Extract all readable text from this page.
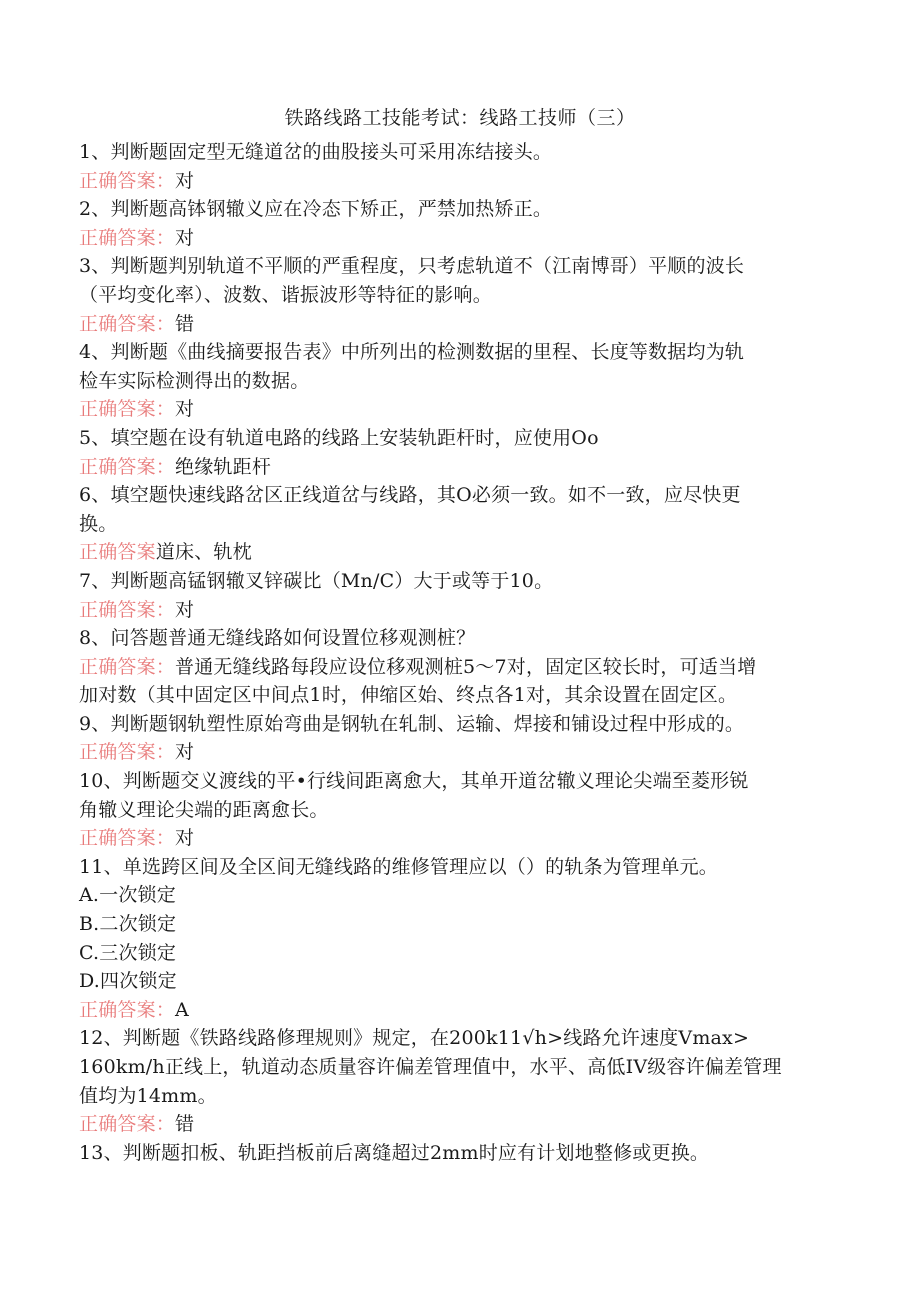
铁路线路工技能考试：线路工技师（三）
1、判断题固定型无缝道岔的曲股接头可采用冻结接头。
正确答案：对
2、判断题高钵钢辙义应在冷态下矫正，严禁加热矫正。
正确答案：对
3、判断题判别轨道不平顺的严重程度，只考虑轨道不（江南博哥）平顺的波长
（平均变化率）、波数、谐振波形等特征的影响。
正确答案：错
4、判断题《曲线摘要报告表》中所列出的检测数据的里程、长度等数据均为轨
检车实际检测得出的数据。
正确答案：对
5、填空题在设有轨道电路的线路上安装轨距杆时，应使用Oo
正确答案：绝缘轨距杆
6、填空题快速线路岔区正线道岔与线路，其O必须一致。如不一致，应尽快更
换。
正确答案道床、轨枕
7、判断题高锰钢辙叉锌碳比（Mn/C）大于或等于10。
正确答案：对
8、问答题普通无缝线路如何设置位移观测桩？
正确答案：普通无缝线路每段应设位移观测桩5〜7对，固定区较长时，可适当增
加对数（其中固定区中间点1时，伸缩区始、终点各1对，其余设置在固定区。
9、判断题钢轨塑性原始弯曲是钢轨在轧制、运输、焊接和铺设过程中形成的。
正确答案：对
10、判断题交义渡线的平•行线间距离愈大，其单开道岔辙义理论尖端至菱形锐
角辙义理论尖端的距离愈长。
正确答案：对
11、单选跨区间及全区间无缝线路的维修管理应以（）的轨条为管理单元。
A.一次锁定
B.二次锁定
C.三次锁定
D.四次锁定
正确答案：A
12、判断题《铁路线路修理规则》规定，在200k11√h>线路允许速度Vmax>
160km∕h正线上，轨道动态质量容许偏差管理值中，水平、高低IV级容许偏差管理
值均为14mm。
正确答案：错
13、判断题扣板、轨距挡板前后离缝超过2mm时应有计划地整修或更换。
